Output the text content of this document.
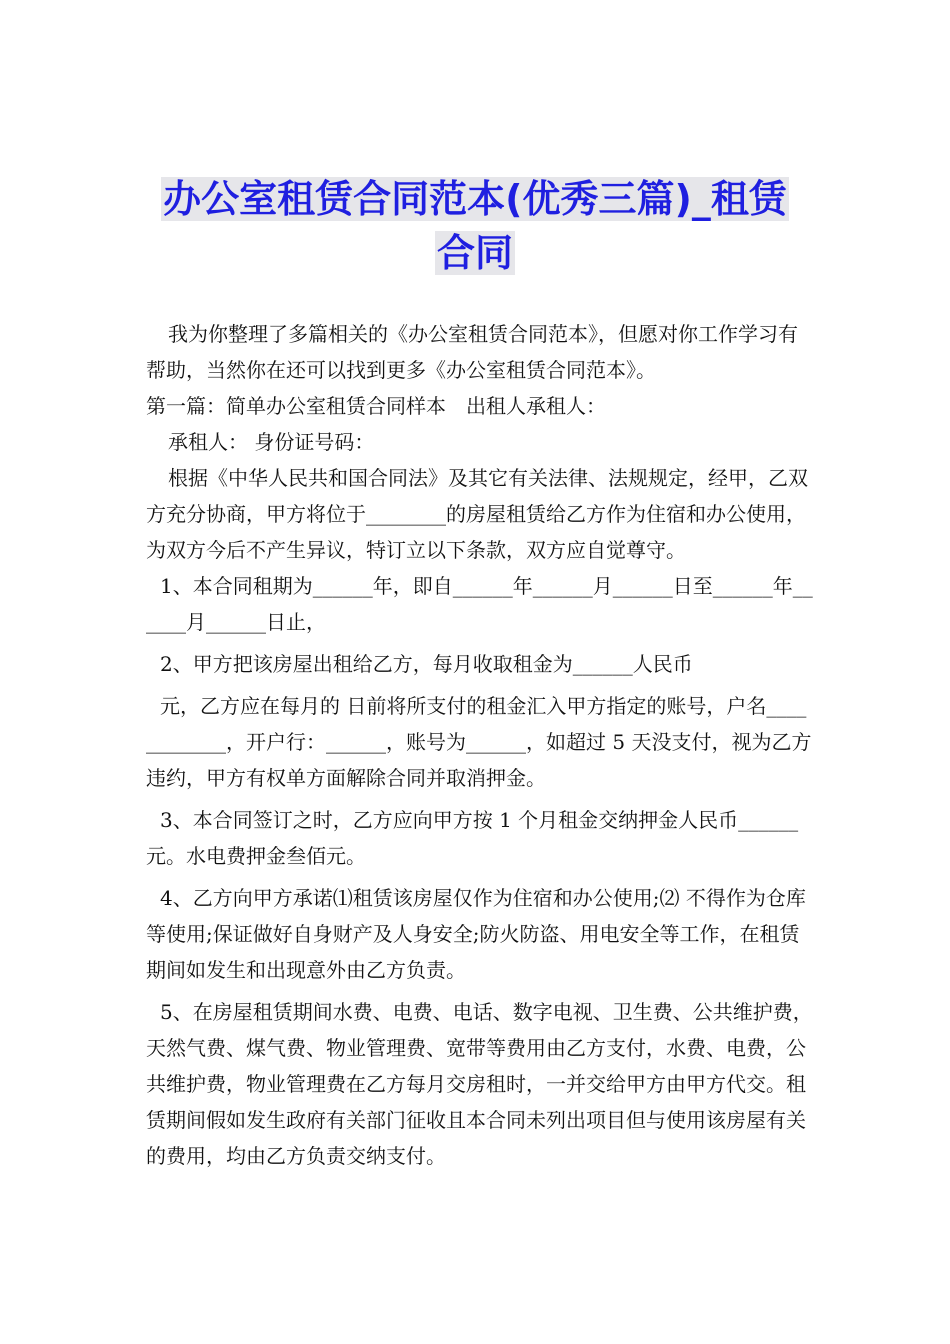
办公室租赁合同范本(优秀三篇)_租赁
合同

我为你整理了多篇相关的《办公室租赁合同范本》，但愿对你工作学习有帮助，当然你在还可以找到更多《办公室租赁合同范本》。

第一篇：简单办公室租赁合同样本　出租人承租人：

承租人： 身份证号码：

根据《中华人民共和国合同法》及其它有关法律、法规规定，经甲，乙双方充分协商，甲方将位于________的房屋租赁给乙方作为住宿和办公使用，为双方今后不产生异议，特订立以下条款，双方应自觉尊守。

1、本合同租期为______年，即自______年______月______日至______年______月______日止，

2、甲方把该房屋出租给乙方，每月收取租金为______人民币

元，乙方应在每月的 日前将所支付的租金汇入甲方指定的账号，户名____________，开户行：______，账号为______，如超过 5 天没支付，视为乙方违约，甲方有权单方面解除合同并取消押金。

3、本合同签订之时，乙方应向甲方按 1 个月租金交纳押金人民币______元。水电费押金叁佰元。

4、乙方向甲方承诺⑴租赁该房屋仅作为住宿和办公使用;⑵ 不得作为仓库等使用;保证做好自身财产及人身安全;防火防盗、用电安全等工作，在租赁期间如发生和出现意外由乙方负责。

5、在房屋租赁期间水费、电费、电话、数字电视、卫生费、公共维护费，天然气费、煤气费、物业管理费、宽带等费用由乙方支付，水费、电费，公共维护费，物业管理费在乙方每月交房租时，一并交给甲方由甲方代交。租赁期间假如发生政府有关部门征收且本合同未列出项目但与使用该房屋有关的费用，均由乙方负责交纳支付。
